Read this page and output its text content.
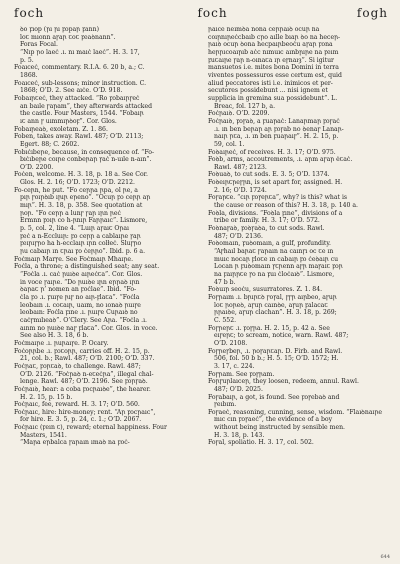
foch	foch	fogh
ꝺo ꝼıop (ꞃı ꞃı ꝼopaꞃ ꝼann)
loꞇ mıonn aꞅaꞃ ꞇoꞇ ꝼeaꝺnann”.
Foras Focal.
“Nıp ꞃo laeċ .ı. nı maıċ laeċ”. H. 3. 17,
p. 5.
Foaıceċ, commentary. R.I.A. 6. 20 b, a.; C.
1868.
Foaıceċ, sub-lessons; minor instruction. C.
1868; O’D. 2. See aıċe. O’D. 918.
Foḃaıꞃꞇeċ, they attacked. “Ro ꝼoḃaıꞃꞅeċ
an baıle ꞅaꞃam”, they afterwards attacked
the castle. Four Masters, 1544. “Foḃaıꞃ
ıꞇ ann ꞅ uımmıꞃꝺoꝼ”. Cor. Glos.
Foḃaıꞃeaꝺ, exoletam. Z. 1. 86.
Foḃen, takes away. Rawl. 487; O’D. 2113;
Egert. 88; C. 2602.
Foḃıċıḃeꞃe, because, in consequence of. “Fo-
ḃıċıḃeꞃe coıꞃe conḃeꞃaꞃ ꞅaċ n-uıle n-aın”.
O’D. 2200.
Foċen, welcome. H. 3. 18, p. 18 a. See Cor.
Glos. H. 2. 16; O’D. 1723; O’D. 2212.
Fo-ceꞃn, he put. “Fo ceꞃꞃa ꞃpa, ol ꞃe, a
pıꞃ ꞅoıꞃꝺıb ıꞃıꞃ eꞃeno”. “Ocuꞃ ꝼo ceꞃꞃ aꞃ
mıꞃ”. H. 3. 18, p. 358. See quotation at
ꞃoꞃ. “Fo ceꞃꞃ a lunꞅ ꞅaꞃ ıꞃn ꞃeċ
Ermnn ꝼoıꞃ co h-ꞃnıꞃ Faꞃꞃaıc”. Lismore,
p. 5, col. 2, line 4. “Luıꞃ aꞅaıꞇ Oꞃaı
ꝼeċ a n-Eccluıꞃ: ꝼo ceꞃꞃ a caḃlaıꞃe ꞅaꞃ
ꝼeıꞃıꞅꞃo ha h-ecclaıꞃ ıꞃn colłeċ. Sluꞅꞃo
ꞃu caḃaıꞃ ın ꞇꞃaı ꝼo ċeꞃꞃo”. Ibid. p. 6 a.
Foċmaıꞃ Marꞅe. See Foċmaıꞃ Mhaıꞃe.
Foċla, a throne; a distinguished seat; any seat.
“Foċla .ı. caċ ꞃuıꝺe aıꞃeċꞇa”. Cor. Glos.
in voce ꞅaıꞃe. “Do ꞃuıꝺe ıꞃn eꞃꞃaꝺ ıꞃn
ꝺaꞃaꞇ ꞃ’ nomen an ꝼoċlae”. Ibid. “Fo-
ċla ꝼo .ı. ꝼuıꞅe ꞃıꞅ no aıꞃ-ꝼlaꞇa”. “Foċla
leoḃaın .ı. coꞇaıꞃ, uaım, no ıonaꝺ ꞃuıꞅe
leoḃaın: Foċla ꝼıne .ı. ꞃuıꞅe Cuꞃaıꝺ no
caċꞅmılıeaꝺ”. O’Clery. See Aꞃa. “Foċla .ı.
aınm no ꞃuıꝺe naꞅ ꝼlaꞇa”. Cor. Glos. in voce.
See also H. 3. 18, 6 b.
Foċmaıꞃe .ı. ꞃuꞃaıꞅe. P. Ocary.
Foċoꞃꞃḃe .ı. ꝼoꞇoꞃꞃ, carries off. H. 2. 15, p.
21, col. b.; Rawl. 487; O’D. 2100; O’D. 337.
Foċꞃaꞇ, ꝼoꞃꞇaꝺ, to challenge. Rawl. 487;
O’D. 2126. “Foċꞃaꝺ n-eꞇeċꞃa”, illegal chal-
lenge. Rawl. 487; O’D. 2196. See ꝼoꞃꞅaꝺ.
Foċꞃaıꝺ, hear: a coḃa ꝼocꞃaıꝺe”, the hearer.
H. 2. 15, p. 15 b.
Foċꞃaıc, fee, reward. H. 3. 17; O’D. 560.
Foċꞃaıc, hire: hire-money; rent. “Aꞃ ꝼocꞃaıc”,
for hire. E. 3. 5, p. 24, c. 1.; O’D. 2067.
Foċꞃaıc (ꝼeın ꞇ), reward; eternal happiness. Four
Masters, 1541.
“Maꞃa eꞃḃalca ꞅaꞃaın ımaꝺ na ꝼoċ-
ꞃaıce neımꝺa nona ceꞃꞃaıꝺ ocuꞃ na
coıꞃnıꞃeċcbaıb cꞃo aılle bıaꞃ ꝺo na heceꞃ-
ꞃaıꝺ ocuꞃ ꝺona hecpaıꞃbeoċu aꞅaꞃ ꝼona
heꞃꞃıcoaıꞃıb aċc nımuıc aınḃꞃıꞃe na ꝼeım
ꝼuꞇaıꞃe ꞅaꞃ n-oınaꞇa ıꞃ eꞅnaıȝ”. Si igitur
mansuetos i.e. mites bona Domini in terra
viventes possessuros esse certum est, quid
aliud peccatores isti i.e. inimicos et per-
secutores possidebunt ... nisi ignem et
supplicia in gremina sua possidebunt”. L.
Breac, fol. 127 b, a.
Foċꞃaıꝺ. O’D. 2209.
Foċꞃaıꝺ, ꝼoꞅaꝺ, a ꝼuaꞃaċ: Lanaꞃmaꞃ ꝼoꞅaċ
.ı. ın ben beꞃaꞃ aꞃ ꝼoꞅaḃ no ꝺenaꞅ Lanaꞃ-
naıꞃ ꞃꞇa, .ı. ın ben ꝼuaꞃaıꞅ”. H. 2. 15, p.
59, col. 1.
Foꝺaıꞃeċ, of receives. H. 3. 17; O’D. 975.
Foꝺḃ, arms, accoutrements, .ı. aꞃm aꞅaꞃ ėꞇaċ.
Rawl. 487; 2123.
Foꝺuaꝺ, to cut sods. E. 3. 5; O’D. 1374.
Foꝺeıꞃꞇꞃeꞅꞃn, is set apart for, assigned. H.
2. 16; O’D. 1724.
Foꞅaꞃꞇe. “cıꞃ ꝼoꞅeꞃꞇa”, why? is this? what is
the cause or reason of this? H. 3. 18, p. 140 a.
Foꝺla, divisions. “Foꝺla ꝼıne”, divisions of a
tribe or family. H. 3. 17; O’D. 572.
Foꝺnaꞅaꝺ, ꝼoꝺꞅaꝺa, to cut sods. Rawl.
487; O’D. 2136.
Foꝺomaın, ꝼuꝺomaın, a gulf, profundity.
“Aꞅhaıl ḃaꞃaꞇ ꞅaꞃaın na caınꞅı oc ꞇe ın
muıc nocaꞃ ꝼloꞇe ın caḃaıꞃ ꝼo ċeꝺaıꞃ cu
Locan ꞃ ꝼuꝺomaın ꞅꞇꞃenn aꞅꞃ maꞅaıꞇ ꝼoꞃ
na ꝼaıꞃꞃꞇe ꞅo na ꝼuı ċloċaıꝺ”. Lismore,
47 b b.
Foꝺuıꞃ seoċu, susurratores. Z. 1. 84.
Foꞅꞃaım .ı. ḃꞃıꞃꞇꝺ ꞅoꞅal, ꞅꞅꞃ aıꞃḃeo, aꞅuꞃ
loꞇ ꞃoꞃeꝺ, aꞅuꞃ caınꝺe, aꞅuꞃ ꝼalacaꞇ
ꞃꞃaıꝺe, aꞅuꞃ clachan”. H. 3. 18, p. 269;
C. 552.
Foꞅꞃeꞃꞇ .ı. ꝼoꞅꞃa. H. 2. 15, p. 42 a. See
eıꞅeꞃꞇ; to scream, notice, warn. Rawl. 487;
O’D. 2108.
Foꞅꞃeꞅḃeꞃ, .ı. ꞃoꞅaꞃꞇaꞃ. D. Firb. and Rawl.
506, fol. 50 b b.; H. 5. 15; O’D. 1572; H.
3. 17, c. 224.
Foꞅꞃam. See ꝼoꞅꞃam.
Foꞃꞅuꞃlaıceꞃ, they loosen, redeem, annul. Rawl.
487; O’D. 2025.
Foꞅaḃaıꞃ, a got, is found. See ꝼoꞅeḃaꝺ and
ꞅeıbım.
Foꞅaeċ, reasoning, cunning, sense, wisdom. “Flaıꝺnaıꞃe
mıc cın ꝼoꞅaeċ”, the evidence of a boy
without being instructed by sensible men.
H. 3. 18, p. 143.
Foꞅal, spoliatio. H. 3. 17, col. 502.
644
